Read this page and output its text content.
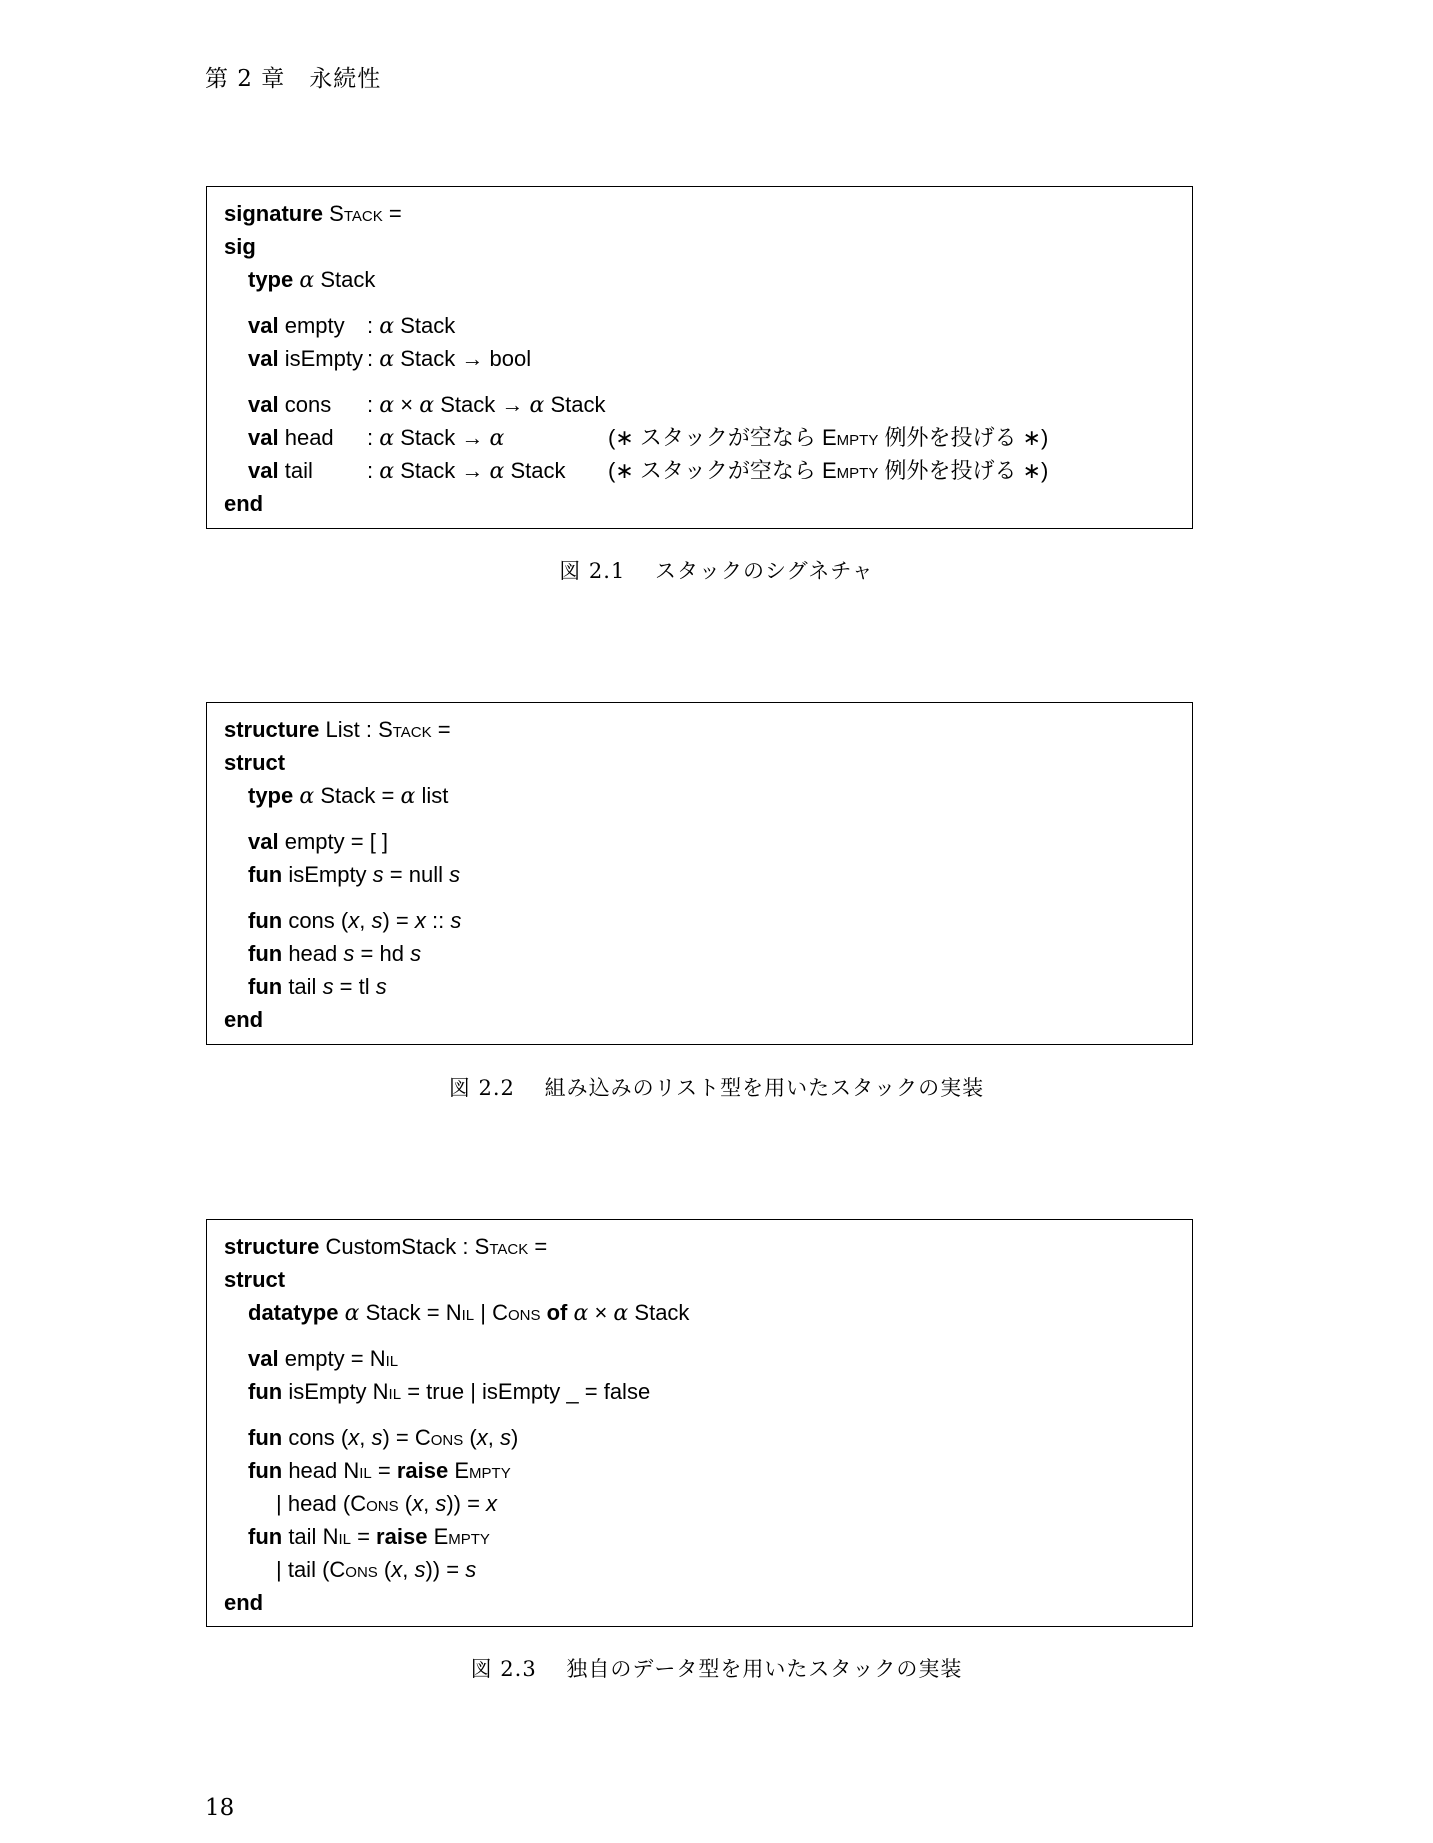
第 2 章　永続性
signature Stack =
sig
type α Stack
val empty : α Stack
val isEmpty : α Stack → bool
val cons : α × α Stack → α Stack
val head : α Stack → α	(∗ スタックが空なら Empty 例外を投げる ∗)
val tail : α Stack → α Stack (∗ スタックが空なら Empty 例外を投げる ∗)
end
図 2.1　 スタックのシグネチャ
structure List : Stack =
struct
type α Stack = α list
val empty = [ ]
fun isEmpty s = null s
fun cons (x, s) = x :: s
fun head s = hd s
fun tail s = tl s
end
図 2.2　 組み込みのリスト型を用いたスタックの実装
structure CustomStack : Stack =
struct
datatype α Stack = Nil | Cons of α × α Stack
val empty = Nil
fun isEmpty Nil = true | isEmpty _ = false
fun cons (x, s) = Cons (x, s)
fun head Nil = raise Empty
| head (Cons (x, s)) = x
fun tail Nil = raise Empty
| tail (Cons (x, s)) = s
end
図 2.3　 独自のデータ型を用いたスタックの実装
18
